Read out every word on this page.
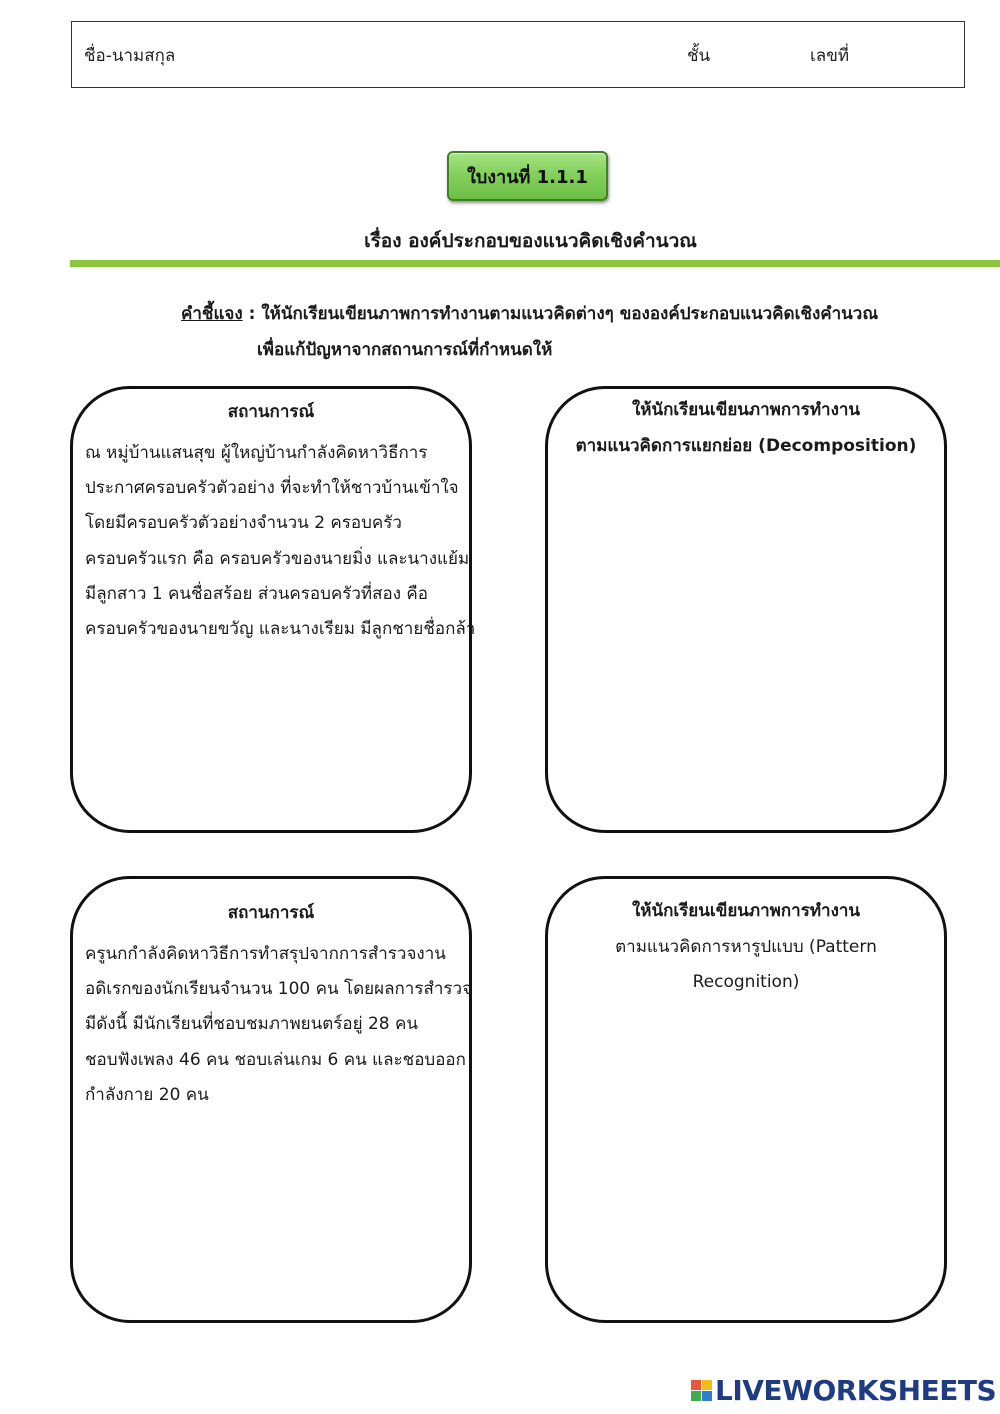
ชื่อ-นามสกุล	ชั้น	เลขที่
ใบงานที่ 1.1.1
เรื่อง องค์ประกอบของแนวคิดเชิงคำนวณ
คำชี้แจง : ให้นักเรียนเขียนภาพการทำงานตามแนวคิดต่างๆ ขององค์ประกอบแนวคิดเชิงคำนวณ
เพื่อแก้ปัญหาจากสถานการณ์ที่กำหนดให้
สถานการณ์
ณ หมู่บ้านแสนสุข ผู้ใหญ่บ้านกำลังคิดหาวิธีการ
ประกาศครอบครัวตัวอย่าง ที่จะทำให้ชาวบ้านเข้าใจ
โดยมีครอบครัวตัวอย่างจำนวน 2 ครอบครัว
ครอบครัวแรก คือ ครอบครัวของนายมิ่ง และนางแย้ม
มีลูกสาว 1 คนชื่อสร้อย ส่วนครอบครัวที่สอง คือ
ครอบครัวของนายขวัญ และนางเรียม มีลูกชายชื่อกล้า
ให้นักเรียนเขียนภาพการทำงาน
ตามแนวคิดการแยกย่อย (Decomposition)
สถานการณ์
ครูนกกำลังคิดหาวิธีการทำสรุปจากการสำรวจงาน
อดิเรกของนักเรียนจำนวน 100 คน โดยผลการสำรวจ
มีดังนี้ มีนักเรียนที่ชอบชมภาพยนตร์อยู่ 28 คน
ชอบฟังเพลง 46 คน ชอบเล่นเกม 6 คน และชอบออก
กำลังกาย 20 คน
ให้นักเรียนเขียนภาพการทำงาน
ตามแนวคิดการหารูปแบบ (Pattern
Recognition)
LIVEWORKSHEETS
